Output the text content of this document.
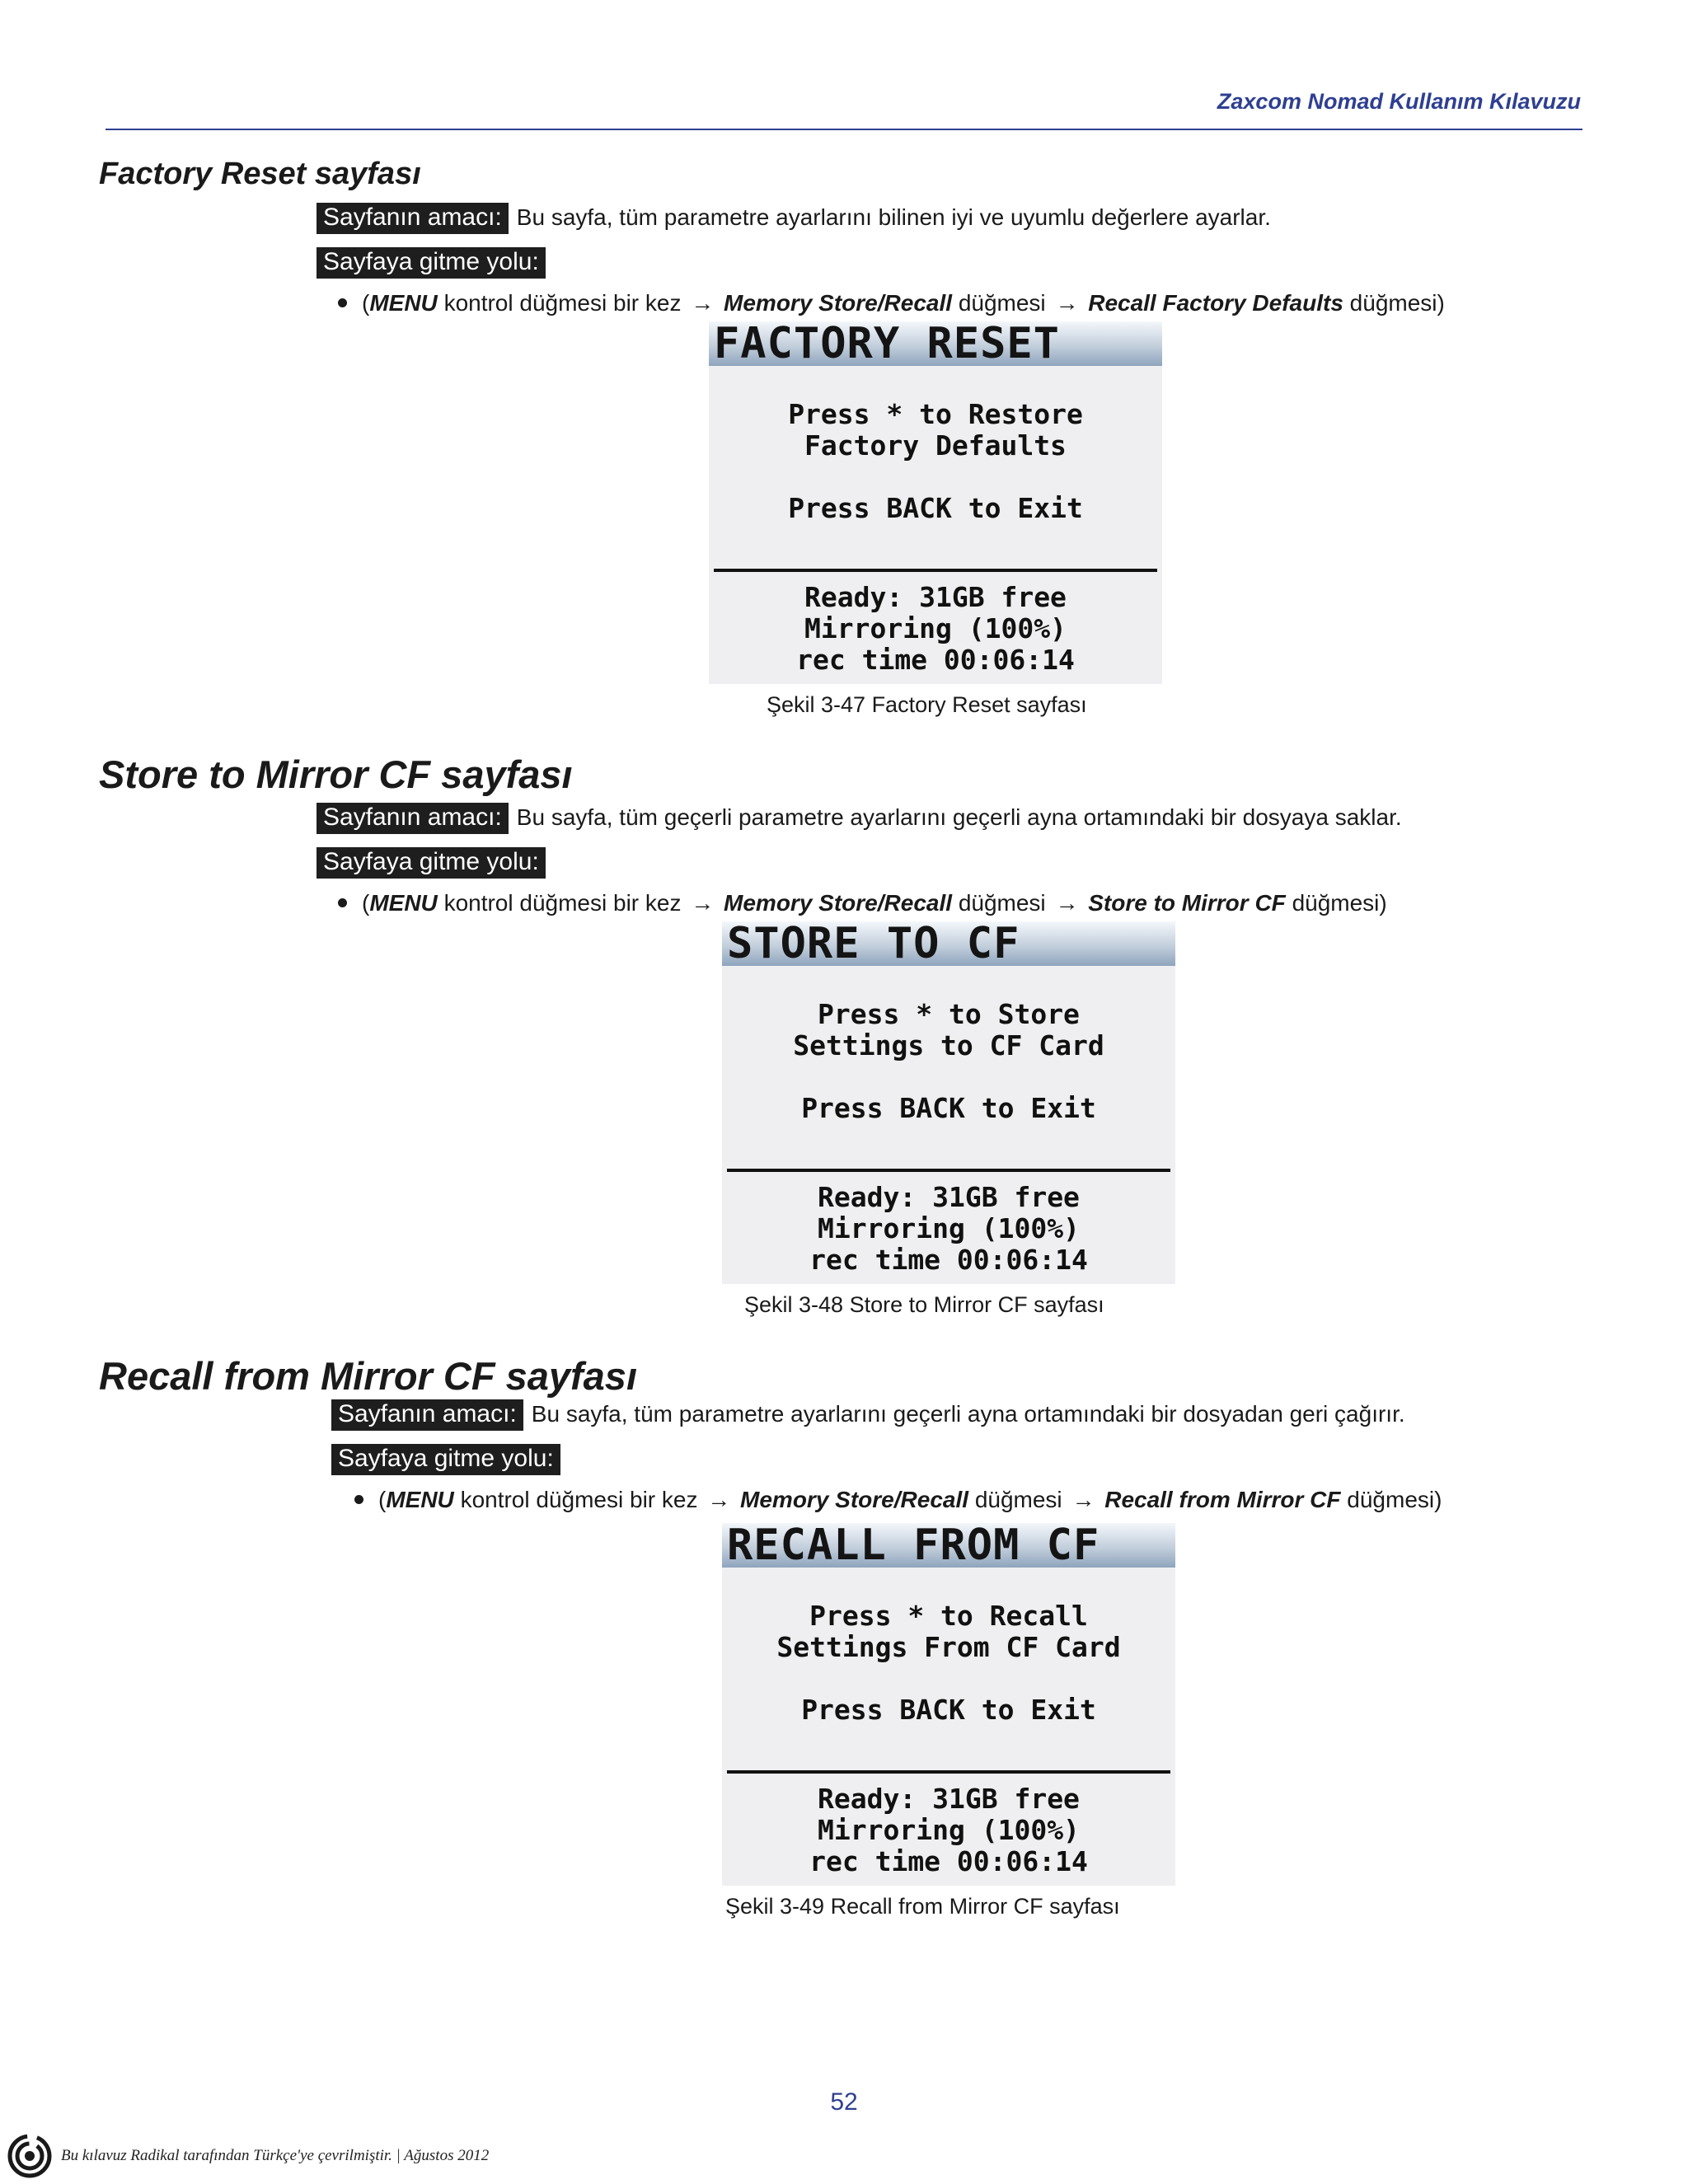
Zaxcom Nomad Kullanım Kılavuzu
Factory Reset sayfası
Sayfanın amacı: Bu sayfa, tüm parametre ayarlarını bilinen iyi ve uyumlu değerlere ayarlar.
Sayfaya gitme yolu:
(MENU kontrol düğmesi bir kez → Memory Store/Recall düğmesi → Recall Factory Defaults düğmesi)
FACTORY RESET
Press * to Restore
Factory Defaults
Press BACK to Exit
Ready: 31GB free
Mirroring (100%)
rec time 00:06:14
Şekil 3-47 Factory Reset sayfası
Store to Mirror CF sayfası
Sayfanın amacı: Bu sayfa, tüm geçerli parametre ayarlarını geçerli ayna ortamındaki bir dosyaya saklar.
Sayfaya gitme yolu:
(MENU kontrol düğmesi bir kez → Memory Store/Recall düğmesi → Store to Mirror CF düğmesi)
STORE TO CF
Press * to Store
Settings to CF Card
Press BACK to Exit
Ready: 31GB free
Mirroring (100%)
rec time 00:06:14
Şekil 3-48 Store to Mirror CF sayfası
Recall from Mirror CF sayfası
Sayfanın amacı: Bu sayfa, tüm parametre ayarlarını geçerli ayna ortamındaki bir dosyadan geri çağırır.
Sayfaya gitme yolu:
(MENU kontrol düğmesi bir kez → Memory Store/Recall düğmesi → Recall from Mirror CF düğmesi)
RECALL FROM CF
Press * to Recall
Settings From CF Card
Press BACK to Exit
Ready: 31GB free
Mirroring (100%)
rec time 00:06:14
Şekil 3-49 Recall from Mirror CF sayfası
52
Bu kılavuz Radikal tarafından Türkçe'ye çevrilmiştir. | Ağustos 2012
